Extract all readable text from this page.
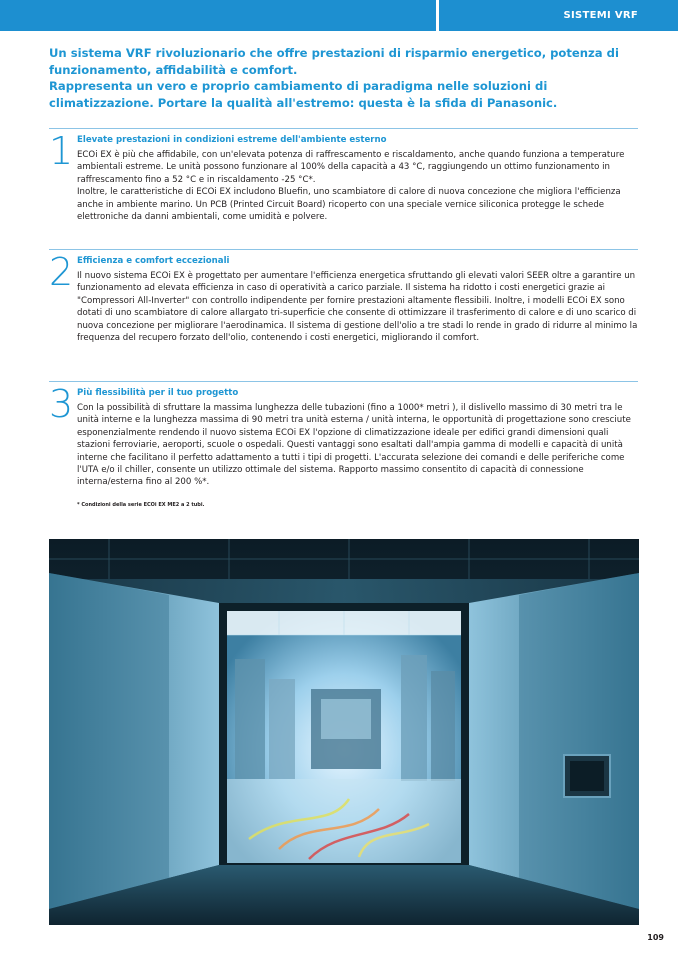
SISTEMI VRF

Un sistema VRF rivoluzionario che offre prestazioni di risparmio energetico, potenza di funzionamento, affidabilità e comfort.

Rappresenta un vero e proprio cambiamento di paradigma nelle soluzioni di climatizzazione. Portare la qualità all'estremo: questa è la sfida di Panasonic.

1 Elevate prestazioni in condizioni estreme dell'ambiente esterno

ECOi EX è più che affidabile, con un'elevata potenza di raffrescamento e riscaldamento, anche quando funziona a temperature ambientali estreme. Le unità possono funzionare al 100% della capacità a 43 °C, raggiungendo un ottimo funzionamento in raffrescamento fino a 52 °C e in riscaldamento -25 °C*.

Inoltre, le caratteristiche di ECOi EX includono Bluefin, uno scambiatore di calore di nuova concezione che migliora l'efficienza anche in ambiente marino. Un PCB (Printed Circuit Board) ricoperto con una speciale vernice siliconica protegge le schede elettroniche da danni ambientali, come umidità e polvere.

2 Efficienza e comfort eccezionali

Il nuovo sistema ECOi EX è progettato per aumentare l'efficienza energetica sfruttando gli elevati valori SEER oltre a garantire un funzionamento ad elevata efficienza in caso di operatività a carico parziale. Il sistema ha ridotto i costi energetici grazie ai "Compressori All-Inverter" con controllo indipendente per fornire prestazioni altamente flessibili. Inoltre, i modelli ECOi EX sono dotati di uno scambiatore di calore allargato tri-superficie che consente di ottimizzare il trasferimento di calore e di uno scarico di nuova concezione per migliorare l'aerodinamica. Il sistema di gestione dell'olio a tre stadi lo rende in grado di ridurre al minimo la frequenza del recupero forzato dell'olio, contenendo i costi energetici, migliorando il comfort.

3 Più flessibilità per il tuo progetto

Con la possibilità di sfruttare la massima lunghezza delle tubazioni (fino a 1000* metri ), il dislivello massimo di 30 metri tra le unità interne e la lunghezza massima di 90 metri tra unità esterna / unità interna, le opportunità di progettazione sono cresciute esponenzialmente rendendo il nuovo sistema ECOi EX l'opzione di climatizzazione ideale per edifici grandi dimensioni quali stazioni ferroviarie, aeroporti, scuole o ospedali. Questi vantaggi sono esaltati dall'ampia gamma di modelli e capacità di unità interne che facilitano il perfetto adattamento a tutti i tipi di progetti. L'accurata selezione dei comandi e delle periferiche come l'UTA e/o il chiller, consente un utilizzo ottimale del sistema. Rapporto massimo consentito di capacità di connessione interna/esterna fino al 200 %*.

* Condizioni della serie ECOi EX ME2 a 2 tubi.
109
